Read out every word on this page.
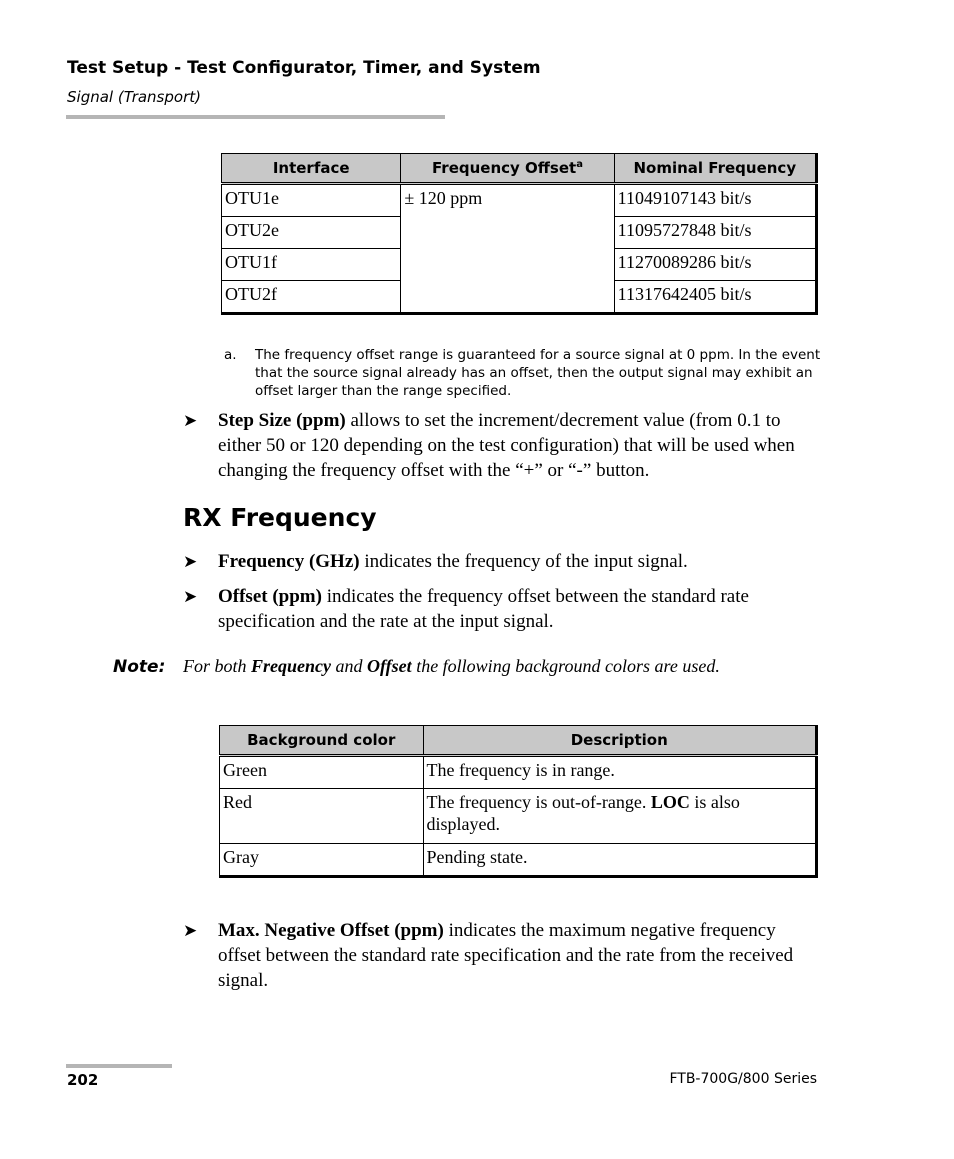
Test Setup - Test Configurator, Timer, and System
Signal (Transport)
Interface	Frequency Offset$^a$	Nominal Frequency
OTU1e	± 120 ppm	11049107143 bit/s
OTU2e		11095727848 bit/s
OTU1f		11270089286 bit/s
OTU2f		11317642405 bit/s
a. The frequency offset range is guaranteed for a source signal at 0 ppm. In the event that the source signal already has an offset, then the output signal may exhibit an offset larger than the range specified.
➤ Step Size (ppm) allows to set the increment/decrement value (from 0.1 to either 50 or 120 depending on the test configuration) that will be used when changing the frequency offset with the “+” or “-” button.
RX Frequency
➤ Frequency (GHz) indicates the frequency of the input signal.
➤ Offset (ppm) indicates the frequency offset between the standard rate specification and the rate at the input signal.
Note: For both Frequency and Offset the following background colors are used.
Background color	Description
Green	The frequency is in range.
Red	The frequency is out-of-range. LOC is also displayed.
Gray	Pending state.
➤ Max. Negative Offset (ppm) indicates the maximum negative frequency offset between the standard rate specification and the rate from the received signal.
202	FTB-700G/800 Series
